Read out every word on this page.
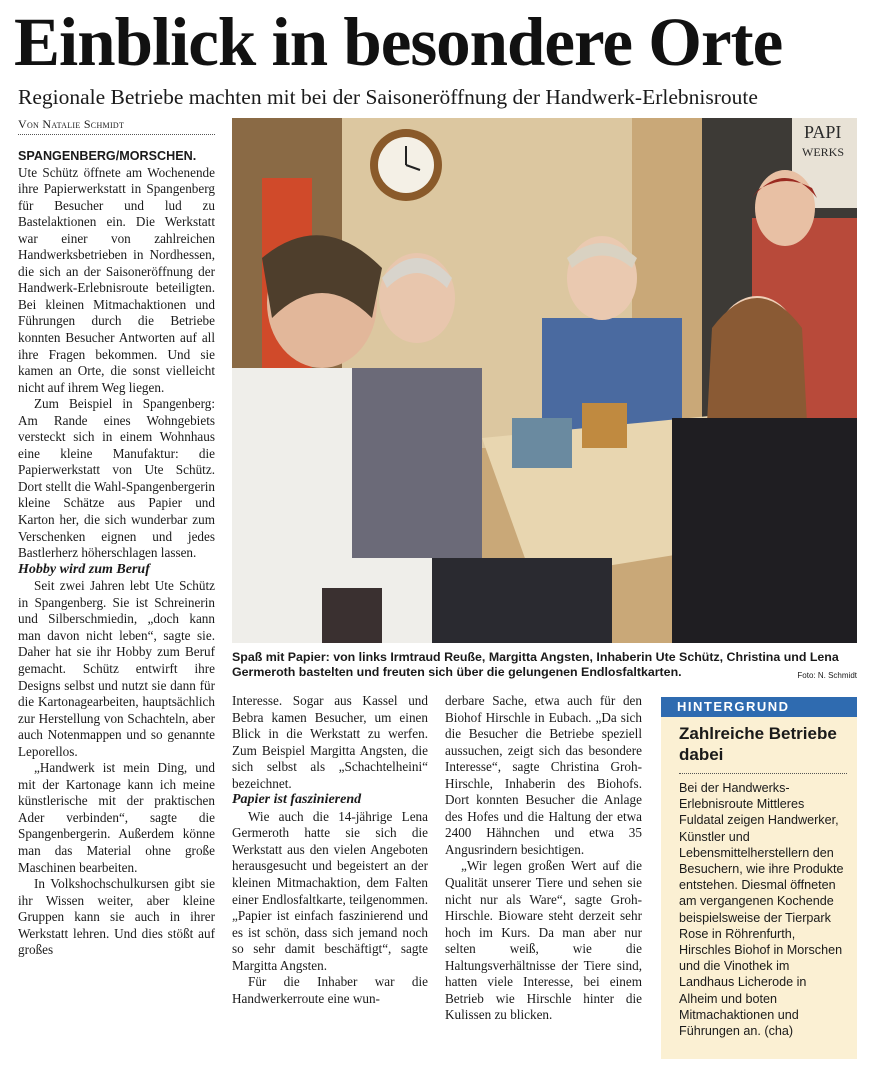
Einblick in besondere Orte
Regionale Betriebe machten mit bei der Saisoneröffnung der Handwerk-Erlebnisroute
Von Natalie Schmidt

SPANGENBERG/MORSCHEN.
Ute Schütz öffnete am Wochenende ihre Papierwerkstatt in Spangenberg für Besucher und lud zu Bastelaktionen ein. Die Werkstatt war einer von zahlreichen Handwerksbetrieben in Nordhessen, die sich an der Saisoneröffnung der Handwerk-Erlebnisroute beteiligten. Bei kleinen Mitmachaktionen und Führungen durch die Betriebe konnten Besucher Antworten auf all ihre Fragen bekommen. Und sie kamen an Orte, die sonst vielleicht nicht auf ihrem Weg liegen.

Zum Beispiel in Spangenberg: Am Rande eines Wohngebiets versteckt sich in einem Wohnhaus eine kleine Manufaktur: die Papierwerkstatt von Ute Schütz. Dort stellt die Wahl-Spangenbergerin kleine Schätze aus Papier und Karton her, die sich wunderbar zum Verschenken eignen und jedes Bastlerherz höherschlagen lassen.

Hobby wird zum Beruf

Seit zwei Jahren lebt Ute Schütz in Spangenberg. Sie ist Schreinerin und Silberschmiedin, „doch kann man davon nicht leben“, sagte sie. Daher hat sie ihr Hobby zum Beruf gemacht. Schütz entwirft ihre Designs selbst und nutzt sie dann für die Kartonagearbeiten, hauptsächlich zur Herstellung von Schachteln, aber auch Notenmappen und so genannte Leporellos.

„Handwerk ist mein Ding, und mit der Kartonage kann ich meine künstlerische mit der praktischen Ader verbinden“, sagte die Spangenbergerin. Außerdem könne man das Material ohne große Maschinen bearbeiten.

In Volkshochschulkursen gibt sie ihr Wissen weiter, aber kleine Gruppen kann sie auch in ihrer Werkstatt lehren. Und dies stößt auf großes

PAPI
WERKS
Spaß mit Papier: von links Irmtraud Reuße, Margitta Angsten, Inhaberin Ute Schütz, Christina und Lena Germeroth bastelten und freuten sich über die gelungenen Endlosfaltkarten.	Foto: N. Schmidt

Interesse. Sogar aus Kassel und Bebra kamen Besucher, um einen Blick in die Werkstatt zu werfen. Zum Beispiel Margitta Angsten, die sich selbst als „Schachtelheini“ bezeichnet.

Papier ist faszinierend

Wie auch die 14-jährige Lena Germeroth hatte sie sich die Werkstatt aus den vielen Angeboten herausgesucht und begeistert an der kleinen Mitmachaktion, dem Falten einer Endlosfaltkarte, teilgenommen. „Papier ist einfach faszinierend und es ist schön, dass sich jemand noch so sehr damit beschäftigt“, sagte Margitta Angsten.

Für die Inhaber war die Handwerkerroute eine wun-

derbare Sache, etwa auch für den Biohof Hirschle in Eubach. „Da sich die Besucher die Betriebe speziell aussuchen, zeigt sich das besondere Interesse“, sagte Christina Groh-Hirschle, Inhaberin des Biohofs. Dort konnten Besucher die Anlage des Hofes und die Haltung der etwa 2400 Hähnchen und etwa 35 Angusrindern besichtigen.

„Wir legen großen Wert auf die Qualität unserer Tiere und sehen sie nicht nur als Ware“, sagte Groh-Hirschle. Bioware steht derzeit sehr hoch im Kurs. Da man aber nur selten weiß, wie die Haltungsverhältnisse der Tiere sind, hatten viele Interesse, bei einem Betrieb wie Hirschle hinter die Kulissen zu blicken.

HINTERGRUND
Zahlreiche Betriebe dabei
Bei der Handwerks-Erlebnisroute Mittleres Fuldatal zeigen Handwerker, Künstler und Lebensmittelherstellern den Besuchern, wie ihre Produkte entstehen. Diesmal öffneten am vergangenen Kochende beispielsweise der Tierpark Rose in Röhrenfurth, Hirschles Biohof in Morschen und die Vinothek im Landhaus Licherode in Alheim und boten Mitmachaktionen und Führungen an. (cha)
